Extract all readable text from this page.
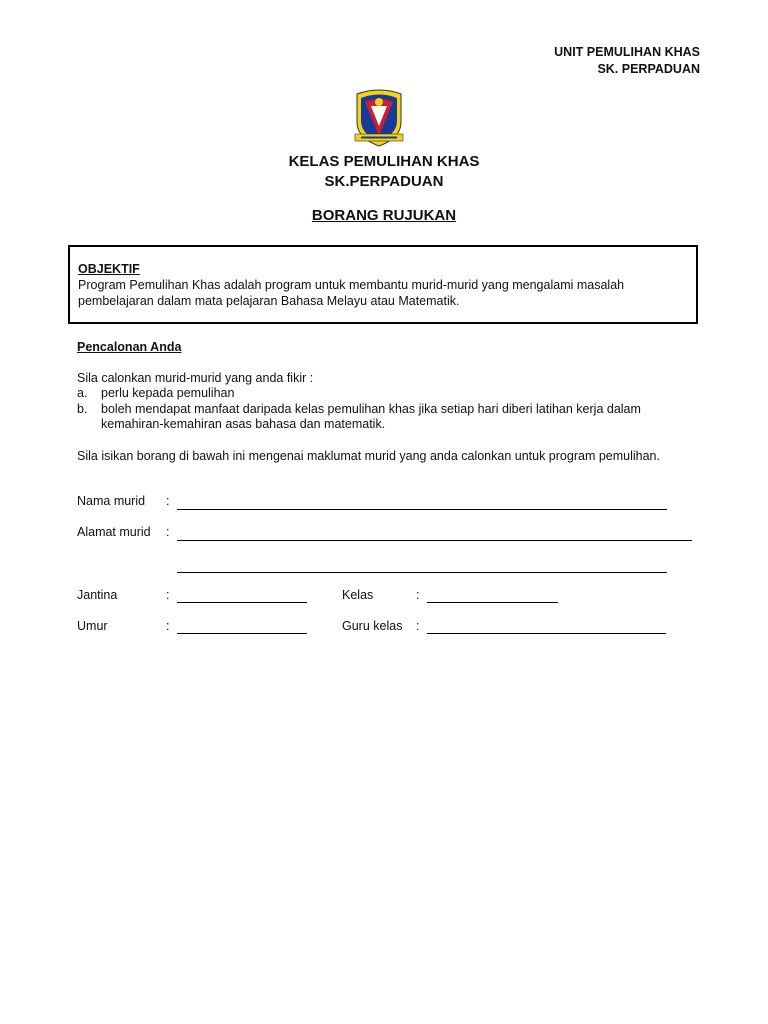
UNIT PEMULIHAN KHAS
SK. PERPADUAN
KELAS PEMULIHAN KHAS
SK.PERPADUAN
BORANG RUJUKAN
OBJEKTIF
Program Pemulihan Khas adalah program untuk membantu murid-murid yang mengalami masalah
pembelajaran dalam mata pelajaran Bahasa Melayu atau Matematik.
Pencalonan Anda
Sila calonkan murid-murid yang anda fikir :
a.	perlu kepada pemulihan
b.	boleh mendapat manfaat daripada kelas pemulihan khas jika setiap hari diberi latihan kerja dalam kemahiran-kemahiran asas bahasa dan matematik.
Sila isikan borang di bawah ini mengenai maklumat murid yang anda calonkan untuk program pemulihan.
Nama murid :
Alamat murid :
Jantina	:	Kelas	:
Umur	:	Guru kelas :
